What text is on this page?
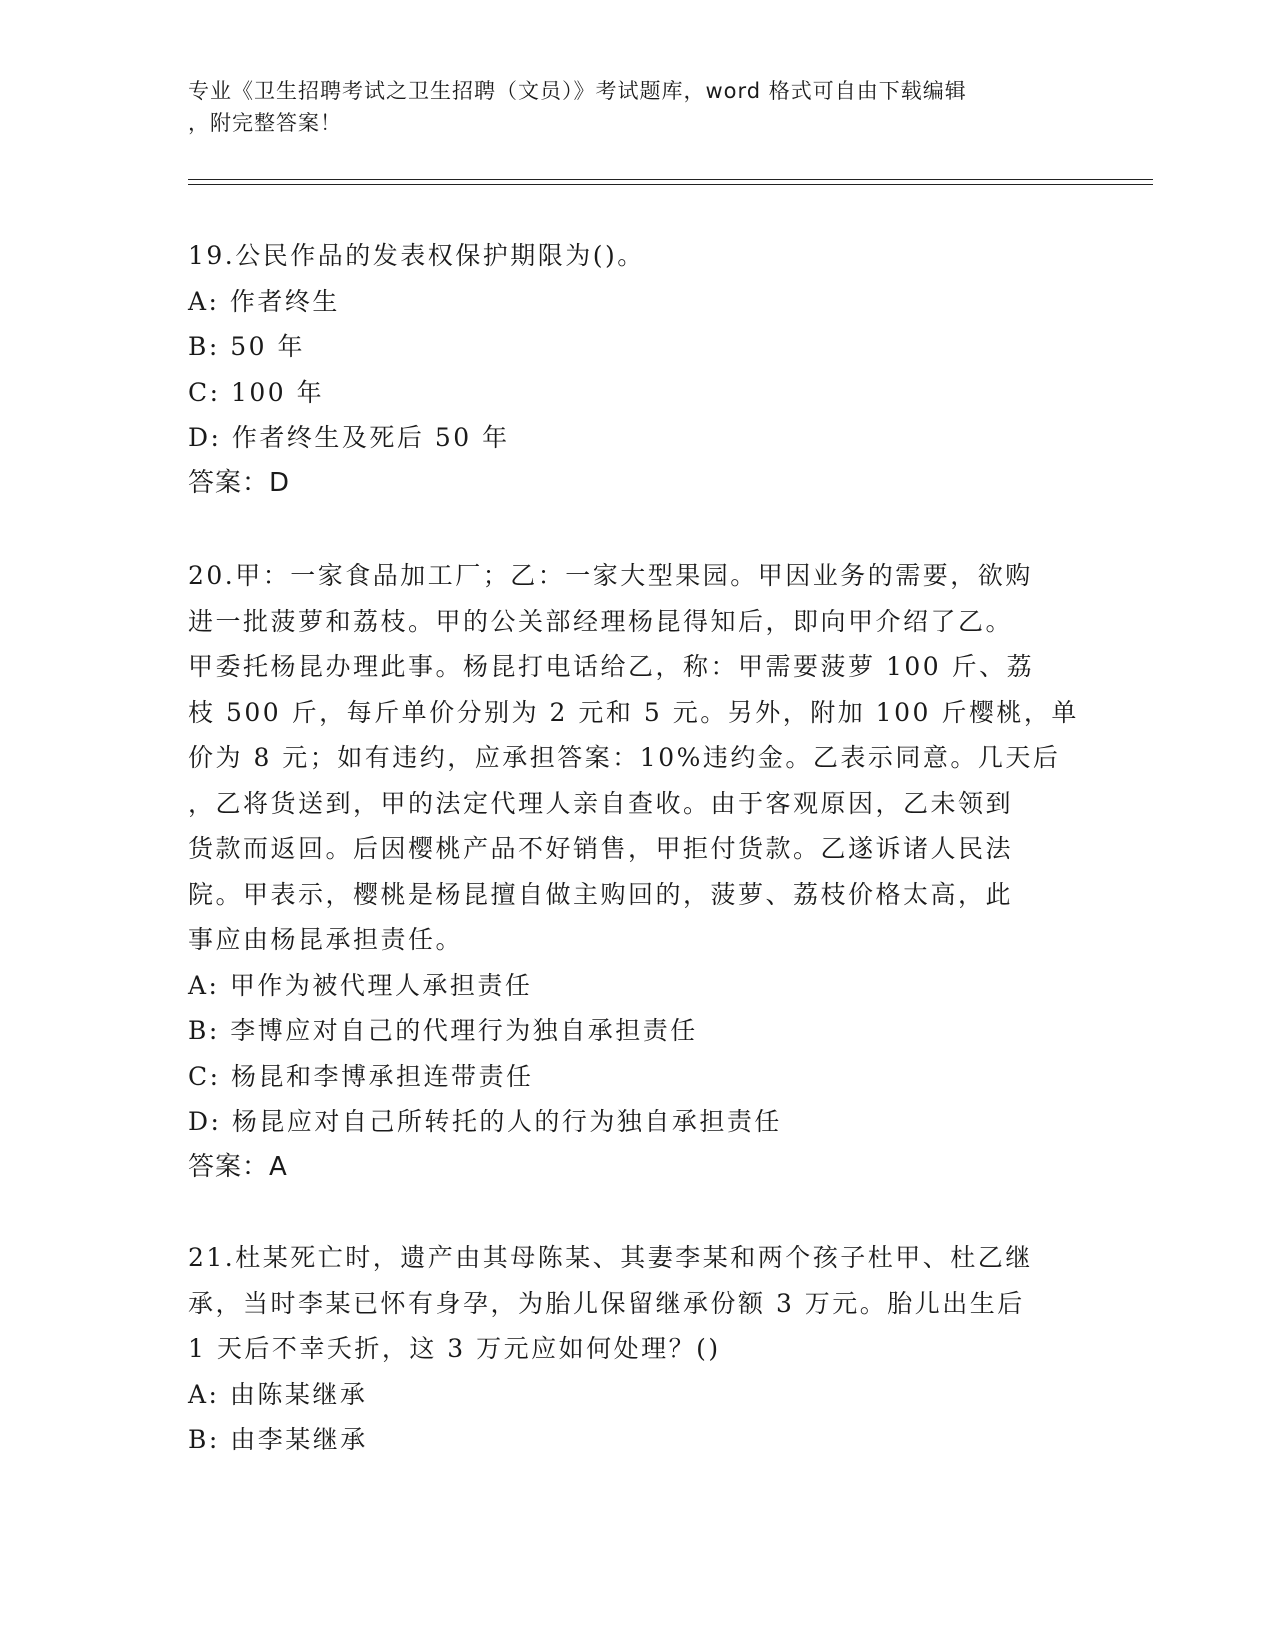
专业《卫生招聘考试之卫生招聘（文员）》考试题库，word 格式可自由下载编辑
，附完整答案！
19.公民作品的发表权保护期限为()。
A: 作者终生
B: 50 年
C: 100 年
D: 作者终生及死后 50 年
答案：D
20.甲：一家食品加工厂；乙：一家大型果园。甲因业务的需要，欲购
进一批菠萝和荔枝。甲的公关部经理杨昆得知后，即向甲介绍了乙。
甲委托杨昆办理此事。杨昆打电话给乙，称：甲需要菠萝 100 斤、荔
枝 500 斤，每斤单价分别为 2 元和 5 元。另外，附加 100 斤樱桃，单
价为 8 元；如有违约，应承担答案：10%违约金。乙表示同意。几天后
，乙将货送到，甲的法定代理人亲自查收。由于客观原因，乙未领到
货款而返回。后因樱桃产品不好销售，甲拒付货款。乙遂诉诸人民法
院。甲表示，樱桃是杨昆擅自做主购回的，菠萝、荔枝价格太高，此
事应由杨昆承担责任。
A: 甲作为被代理人承担责任
B: 李博应对自己的代理行为独自承担责任
C: 杨昆和李博承担连带责任
D: 杨昆应对自己所转托的人的行为独自承担责任
答案：A
21.杜某死亡时，遗产由其母陈某、其妻李某和两个孩子杜甲、杜乙继
承，当时李某已怀有身孕，为胎儿保留继承份额 3 万元。胎儿出生后
1 天后不幸夭折，这 3 万元应如何处理？()
A: 由陈某继承
B: 由李某继承
